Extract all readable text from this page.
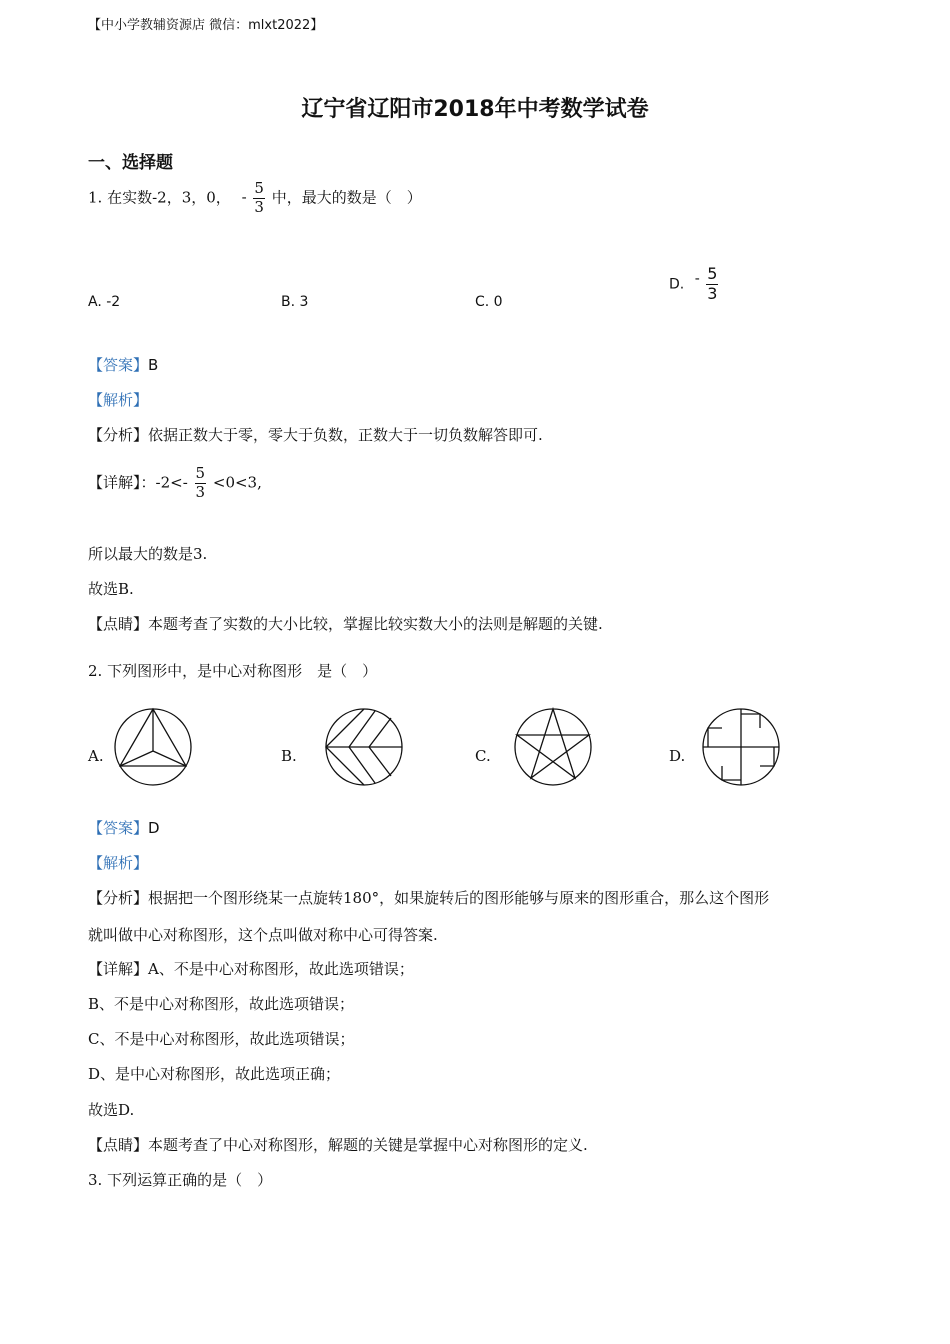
【中小学教辅资源店 微信：mlxt2022】
辽宁省辽阳市2018年中考数学试卷
一、选择题
1. 在实数-2，3，0， - $\frac{5}{3}$ 中，最大的数是（　）
A. -2	B. 3	C. 0
D. - $\frac{5}{3}$
【答案】B
【解析】
【分析】依据正数大于零，零大于负数，正数大于一切负数解答即可.
【详解】：$-2<- \frac{5}{3} <0<3$,
所以最大的数是3.
故选B.
【点睛】本题考查了实数的大小比较，掌握比较实数大小的法则是解题的关键.
2. 下列图形中，是中心对称图形　是（　）
A.	B.	C.	D.
【答案】D
【解析】
【分析】根据把一个图形绕某一点旋转180°，如果旋转后的图形能够与原来的图形重合，那么这个图形
就叫做中心对称图形，这个点叫做对称中心可得答案.
【详解】A、不是中心对称图形，故此选项错误；
B、不是中心对称图形，故此选项错误；
C、不是中心对称图形，故此选项错误；
D、是中心对称图形，故此选项正确；
故选D.
【点睛】本题考查了中心对称图形，解题的关键是掌握中心对称图形的定义.
3. 下列运算正确的是（　）
